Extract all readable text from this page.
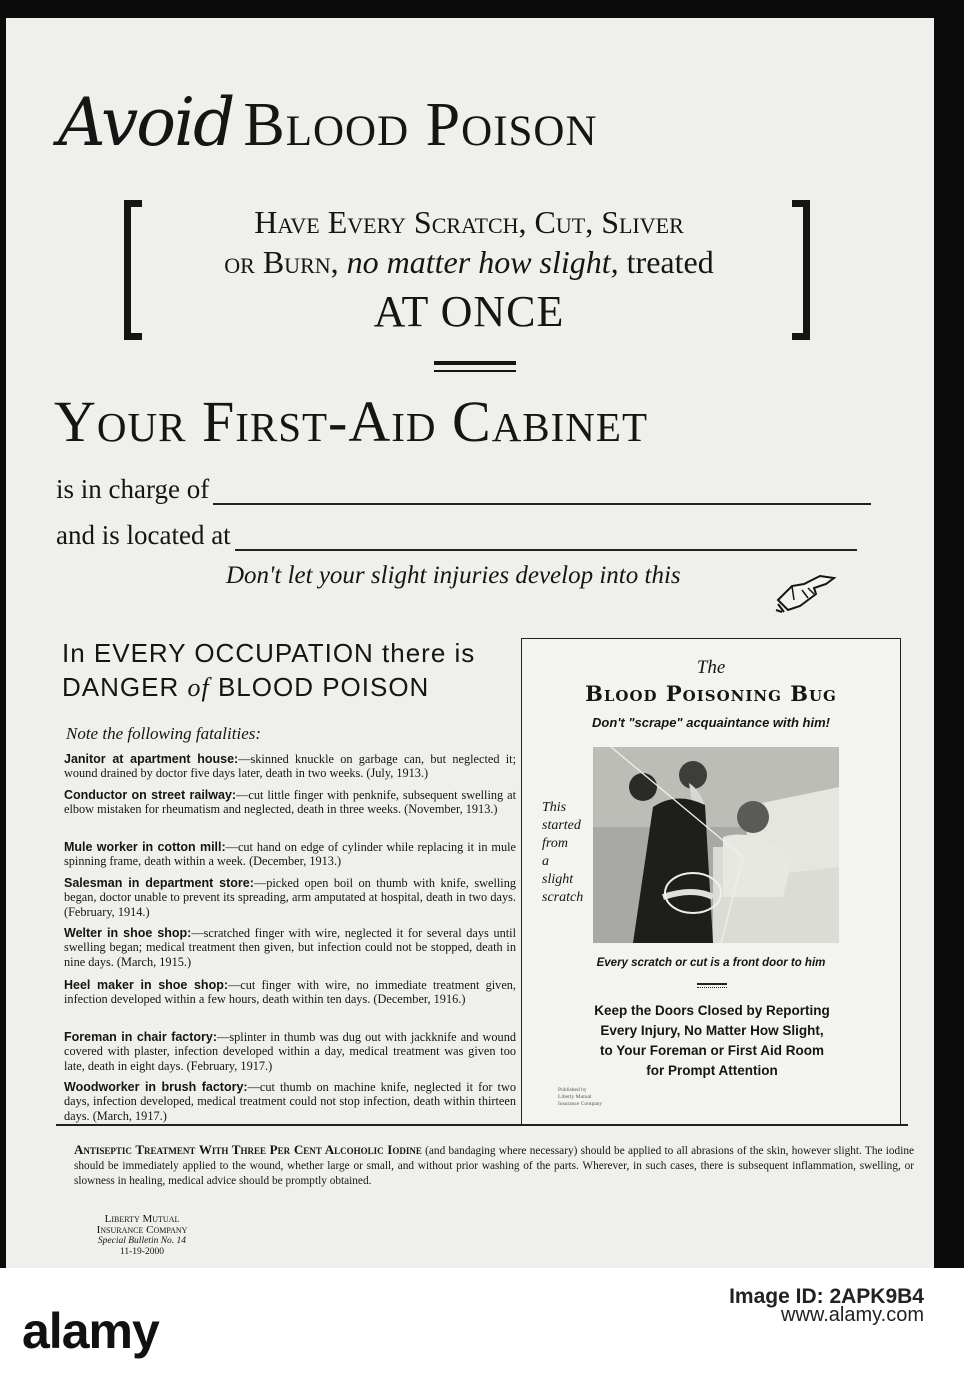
Avoid Blood Poison
Have Every Scratch, Cut, Sliver
or Burn, no matter how slight, treated
AT ONCE
Your First-Aid Cabinet
is in charge of
and is located at
Don't let your slight injuries develop into this
In EVERY OCCUPATION there is
DANGER of BLOOD POISON
Note the following fatalities:
Janitor at apartment house:—skinned knuckle on garbage can, but neglected it; wound drained by doctor five days later, death in two weeks. (July, 1913.)
Conductor on street railway:—cut little finger with penknife, subsequent swelling at elbow mistaken for rheumatism and neglected, death in three weeks. (November, 1913.)
Mule worker in cotton mill:—cut hand on edge of cylinder while replacing it in mule spinning frame, death within a week. (December, 1913.)
Salesman in department store:—picked open boil on thumb with knife, swelling began, doctor unable to prevent its spreading, arm amputated at hospital, death in two days. (February, 1914.)
Welter in shoe shop:—scratched finger with wire, neglected it for several days until swelling began; medical treatment then given, but infection could not be stopped, death in nine days. (March, 1915.)
Heel maker in shoe shop:—cut finger with wire, no immediate treatment given, infection developed within a few hours, death within ten days. (December, 1916.)
Foreman in chair factory:—splinter in thumb was dug out with jackknife and wound covered with plaster, infection developed within a day, medical treatment was given too late, death in eight days. (February, 1917.)
Woodworker in brush factory:—cut thumb on machine knife, neglected it for two days, infection developed, medical treatment could not stop infection, death within thirteen days. (March, 1917.)
The
Blood Poisoning Bug
Don't "scrape" acquaintance with him!
This
started
from
a
slight
scratch
Every scratch or cut is a front door to him
Keep the Doors Closed by Reporting
Every Injury, No Matter How Slight,
to Your Foreman or First Aid Room
for Prompt Attention
Published by
Liberty Mutual
Insurance Company
Antiseptic Treatment With Three Per Cent Alcoholic Iodine (and bandaging where necessary) should be applied to all abrasions of the skin, however slight. The iodine should be immediately applied to the wound, whether large or small, and without prior washing of the parts. Wherever, in such cases, there is subsequent inflammation, swelling, or slowness in healing, medical advice should be promptly obtained.
Liberty Mutual
Insurance Company
Special Bulletin No. 14
11-19-2000
alamy
Image ID: 2APK9B4
www.alamy.com
